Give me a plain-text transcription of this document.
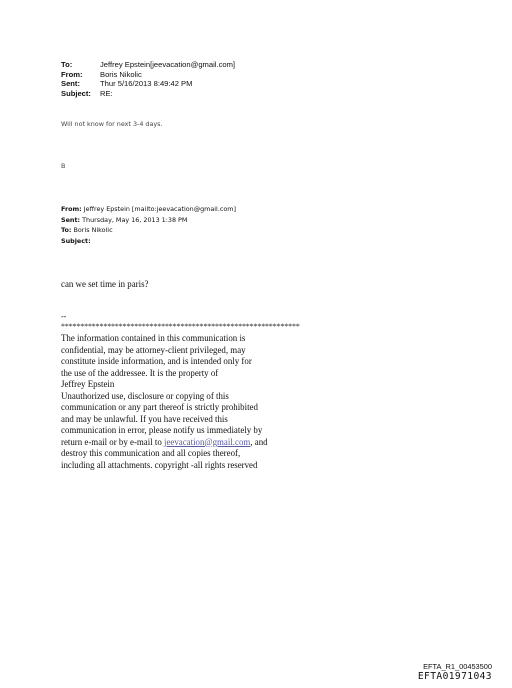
To:	Jeffrey Epstein[jeevacation@gmail.com]
From:	Boris Nikolic
Sent:	Thur 5/16/2013 8:49:42 PM
Subject:	RE:
Will not know for next 3-4 days.
B
From: Jeffrey Epstein [mailto:jeevacation@gmail.com]
Sent: Thursday, May 16, 2013 1:38 PM
To: Boris Nikolic
Subject:
can we set time in paris?
--
**************************************************************
The information contained in this communication is
confidential, may be attorney-client privileged, may
constitute inside information, and is intended only for
the use of the addressee. It is the property of
Jeffrey Epstein
Unauthorized use, disclosure or copying of this
communication or any part thereof is strictly prohibited
and may be unlawful. If you have received this
communication in error, please notify us immediately by
return e-mail or by e-mail to jeevacation@gmail.com, and
destroy this communication and all copies thereof,
including all attachments. copyright -all rights reserved
EFTA_R1_00453500
EFTA01971043
